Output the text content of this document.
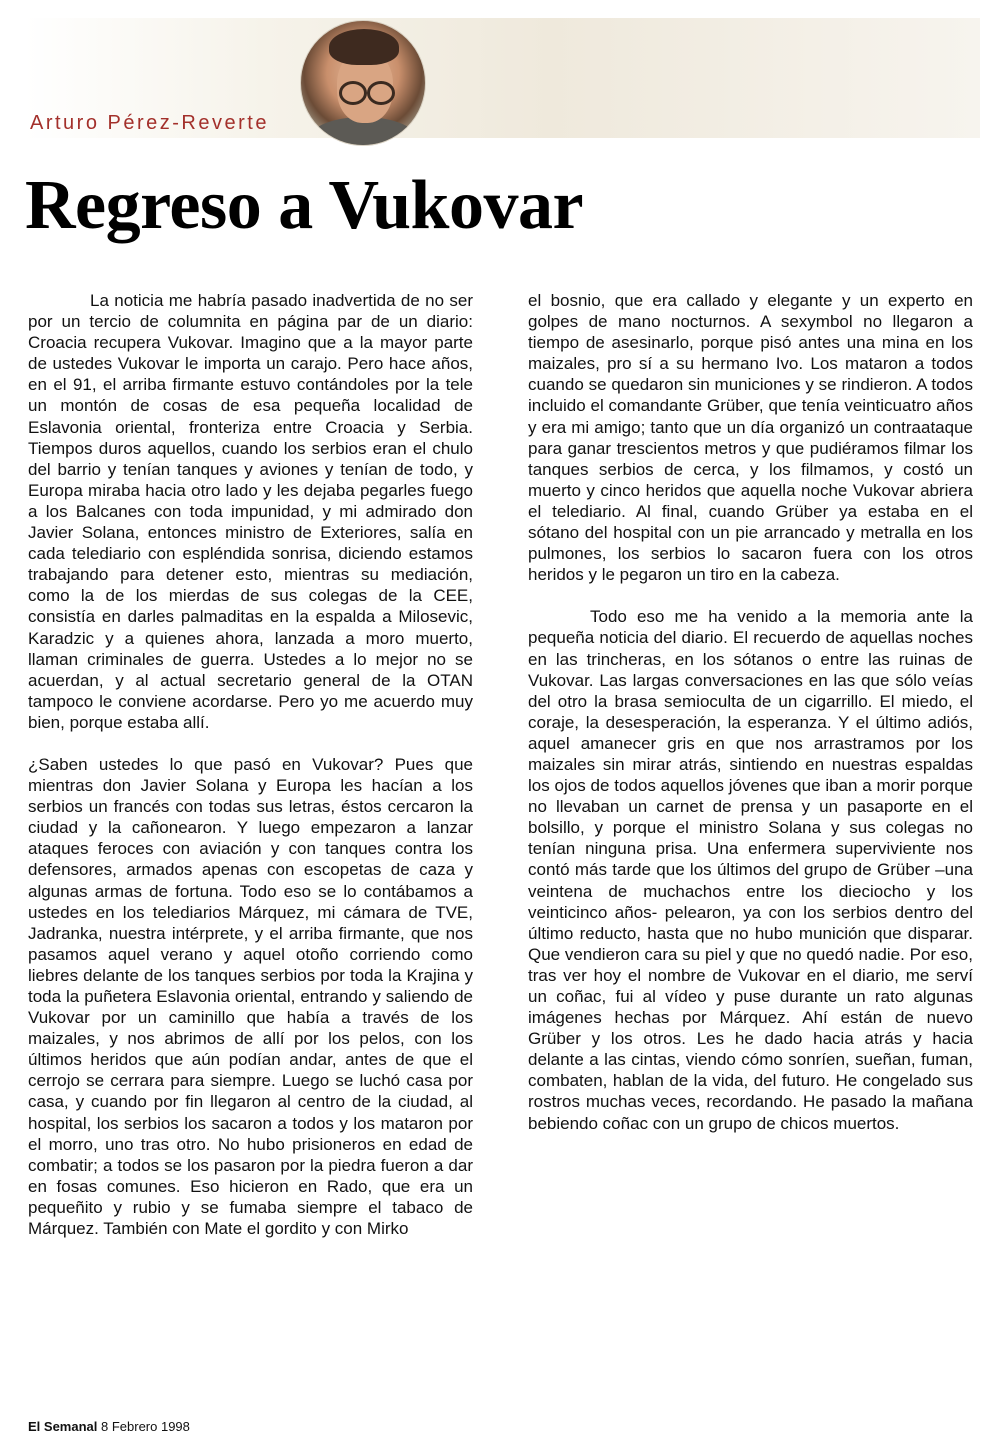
Arturo Pérez-Reverte
Regreso a Vukovar

La noticia me habría pasado inadvertida de no ser por un tercio de columnita en página par de un diario: Croacia recupera Vukovar. Imagino que a la mayor parte de ustedes Vukovar le importa un carajo. Pero hace años, en el 91, el arriba firmante estuvo contándoles por la tele un montón de cosas de esa pequeña localidad de Eslavonia oriental, fronteriza entre Croacia y Serbia. Tiempos duros aquellos, cuando los serbios eran el chulo del barrio y tenían tanques y aviones y tenían de todo, y Europa miraba hacia otro lado y les dejaba pegarles fuego a los Balcanes con toda impunidad, y mi admirado don Javier Solana, entonces ministro de Exteriores, salía en cada telediario con espléndida sonrisa, diciendo estamos trabajando para detener esto, mientras su mediación, como la de los mierdas de sus colegas de la CEE, consistía en darles palmaditas en la espalda a Milosevic, Karadzic y a quienes ahora, lanzada a moro muerto, llaman criminales de guerra. Ustedes a lo mejor no se acuerdan, y al actual secretario general de la OTAN tampoco le conviene acordarse. Pero yo me acuerdo muy bien, porque estaba allí.

¿Saben ustedes lo que pasó en Vukovar? Pues que mientras don Javier Solana y Europa les hacían a los serbios un francés con todas sus letras, éstos cercaron la ciudad y la cañonearon. Y luego empezaron a lanzar ataques feroces con aviación y con tanques contra los defensores, armados apenas con escopetas de caza y algunas armas de fortuna. Todo eso se lo contábamos a ustedes en los telediarios Márquez, mi cámara de TVE, Jadranka, nuestra intérprete, y el arriba firmante, que nos pasamos aquel verano y aquel otoño corriendo como liebres delante de los tanques serbios por toda la Krajina y toda la puñetera Eslavonia oriental, entrando y saliendo de Vukovar por un caminillo que había a través de los maizales, y nos abrimos de allí por los pelos, con los últimos heridos que aún podían andar, antes de que el cerrojo se cerrara para siempre. Luego se luchó casa por casa, y cuando por fin llegaron al centro de la ciudad, al hospital, los serbios los sacaron a todos y los mataron por el morro, uno tras otro. No hubo prisioneros en edad de combatir; a todos se los pasaron por la piedra fueron a dar en fosas comunes. Eso hicieron en Rado, que era un pequeñito y rubio y se fumaba siempre el tabaco de Márquez. También con Mate el gordito y con Mirko

el bosnio, que era callado y elegante y un experto en golpes de mano nocturnos. A sexymbol no llegaron a tiempo de asesinarlo, porque pisó antes una mina en los maizales, pro sí a su hermano Ivo. Los mataron a todos cuando se quedaron sin municiones y se rindieron. A todos incluido el comandante Grüber, que tenía veinticuatro años y era mi amigo; tanto que un día organizó un contraataque para ganar trescientos metros y que pudiéramos filmar los tanques serbios de cerca, y los filmamos, y costó un muerto y cinco heridos que aquella noche Vukovar abriera el telediario. Al final, cuando Grüber ya estaba en el sótano del hospital con un pie arrancado y metralla en los pulmones, los serbios lo sacaron fuera con los otros heridos y le pegaron un tiro en la cabeza.

Todo eso me ha venido a la memoria ante la pequeña noticia del diario. El recuerdo de aquellas noches en las trincheras, en los sótanos o entre las ruinas de Vukovar. Las largas conversaciones en las que sólo veías del otro la brasa semioculta de un cigarrillo. El miedo, el coraje, la desesperación, la esperanza. Y el último adiós, aquel amanecer gris en que nos arrastramos por los maizales sin mirar atrás, sintiendo en nuestras espaldas los ojos de todos aquellos jóvenes que iban a morir porque no llevaban un carnet de prensa y un pasaporte en el bolsillo, y porque el ministro Solana y sus colegas no tenían ninguna prisa. Una enfermera superviviente nos contó más tarde que los últimos del grupo de Grüber –una veintena de muchachos entre los dieciocho y los veinticinco años- pelearon, ya con los serbios dentro del último reducto, hasta que no hubo munición que disparar. Que vendieron cara su piel y que no quedó nadie. Por eso, tras ver hoy el nombre de Vukovar en el diario, me serví un coñac, fui al vídeo y puse durante un rato algunas imágenes hechas por Márquez. Ahí están de nuevo Grüber y los otros. Les he dado hacia atrás y hacia delante a las cintas, viendo cómo sonríen, sueñan, fuman, combaten, hablan de la vida, del futuro. He congelado sus rostros muchas veces, recordando. He pasado la mañana bebiendo coñac con un grupo de chicos muertos.

El Semanal 8 Febrero 1998
